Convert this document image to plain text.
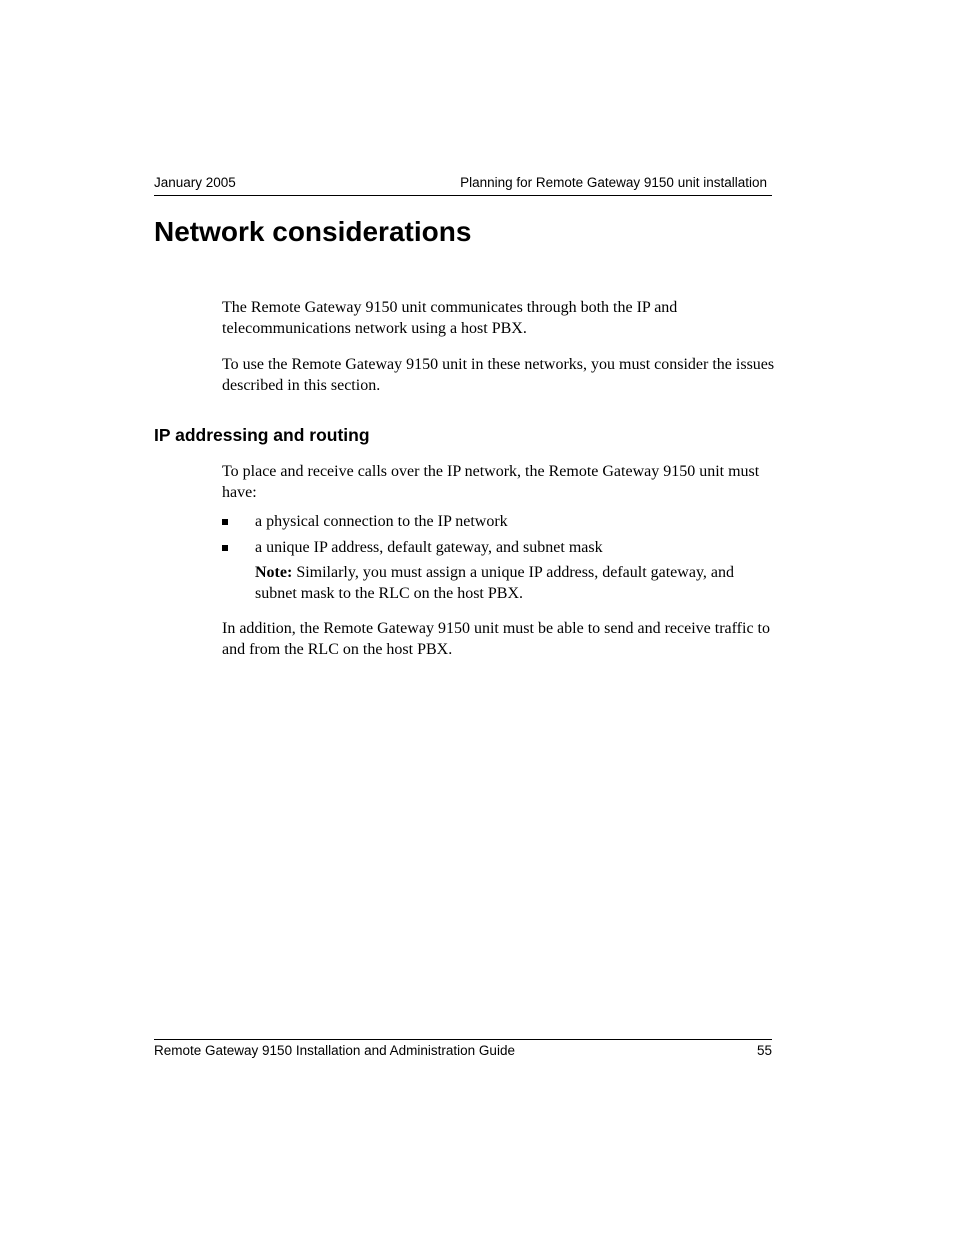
January 2005	Planning for Remote Gateway 9150 unit installation
Network considerations

The Remote Gateway 9150 unit communicates through both the IP and telecommunications network using a host PBX.

To use the Remote Gateway 9150 unit in these networks, you must consider the issues described in this section.

IP addressing and routing

To place and receive calls over the IP network, the Remote Gateway 9150 unit must have:

a physical connection to the IP network
a unique IP address, default gateway, and subnet mask

Note: Similarly, you must assign a unique IP address, default gateway, and subnet mask to the RLC on the host PBX.

In addition, the Remote Gateway 9150 unit must be able to send and receive traffic to and from the RLC on the host PBX.

Remote Gateway 9150 Installation and Administration Guide	55
